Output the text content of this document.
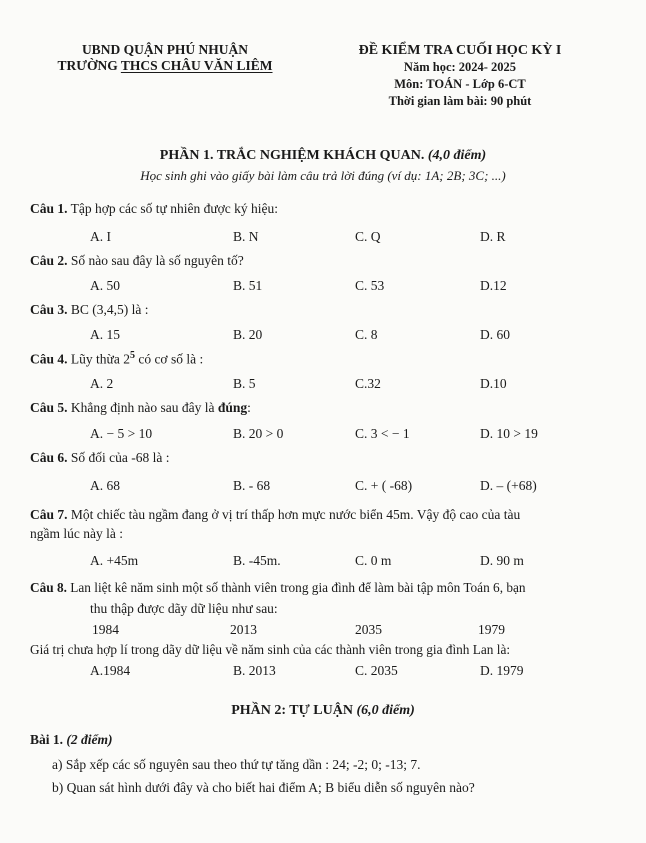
UBND QUẬN PHÚ NHUẬN
TRƯỜNG THCS CHÂU VĂN LIÊM
ĐỀ KIỂM TRA CUỐI HỌC KỲ I
Năm học: 2024- 2025
Môn: TOÁN - Lớp 6-CT
Thời gian làm bài: 90 phút
PHẦN 1. TRẮC NGHIỆM KHÁCH QUAN. (4,0 điểm)
Học sinh ghi vào giấy bài làm câu trả lời đúng (ví dụ: 1A; 2B; 3C; ...)
Câu 1. Tập hợp các số tự nhiên được ký hiệu:
A. I	B. N	C. Q	D. R
Câu 2. Số nào sau đây là số nguyên tố?
A. 50	B. 51	C. 53	D.12
Câu 3. BC (3,4,5) là :
A. 15	B. 20	C. 8	D. 60
Câu 4. Lũy thừa $2^5$ có cơ số là :
A. 2	B. 5	C.32	D.10
Câu 5. Khẳng định nào sau đây là đúng:
A. − 5 > 10	B. 20 > 0	C. 3 < − 1	D. 10 > 19
Câu 6. Số đối của -68 là :
A. 68	B. - 68	C. + ( -68)	D. – (+68)
Câu 7. Một chiếc tàu ngầm đang ở vị trí thấp hơn mực nước biển 45m. Vậy độ cao của tàu
ngầm lúc này là :
A. +45m	B. -45m.	C. 0 m	D. 90 m
Câu 8. Lan liệt kê năm sinh một số thành viên trong gia đình để làm bài tập môn Toán 6, bạn
thu thập được dãy dữ liệu như sau:
1984	2013	2035	1979
Giá trị chưa hợp lí trong dãy dữ liệu về năm sinh của các thành viên trong gia đình Lan là:
A.1984	B. 2013	C. 2035	D. 1979
PHẦN 2: TỰ LUẬN (6,0 điểm)
Bài 1. (2 điểm)
a) Sắp xếp các số nguyên sau theo thứ tự tăng dần : 24; -2; 0; -13; 7.
b) Quan sát hình dưới đây và cho biết hai điểm A; B biểu diễn số nguyên nào?
